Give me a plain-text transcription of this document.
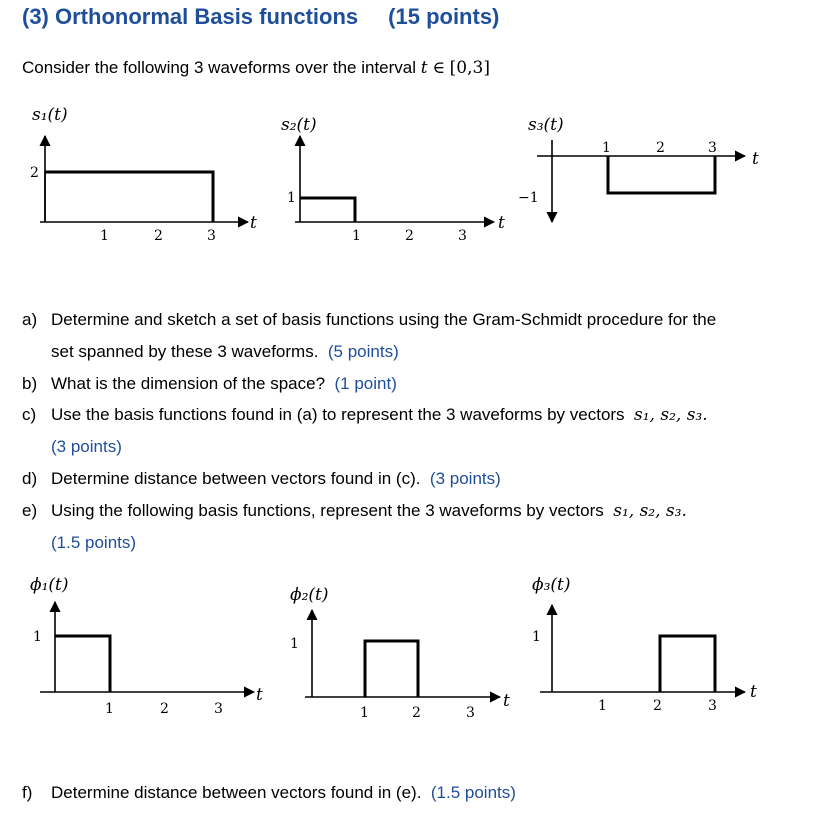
(3) Orthonormal Basis functions (15 points)
Consider the following 3 waveforms over the interval t ∈ [0,3]
s₁(t)
2
1	2	3
t
s₂(t)
1
1	2	3
t
s₃(t)
−1
1	2	3
t
ϕ₁(t)
1
1	2	3
t
ϕ₂(t)
1
1	2	3
t
ϕ₃(t)
1
1	2	3
t
a) Determine and sketch a set of basis functions using the Gram-Schmidt procedure for the
set spanned by these 3 waveforms. (5 points)
b) What is the dimension of the space? (1 point)
c) Use the basis functions found in (a) to represent the 3 waveforms by vectors s₁, s₂, s₃.
(3 points)
d) Determine distance between vectors found in (c). (3 points)
e) Using the following basis functions, represent the 3 waveforms by vectors s₁, s₂, s₃.
(1.5 points)
f) Determine distance between vectors found in (e). (1.5 points)
